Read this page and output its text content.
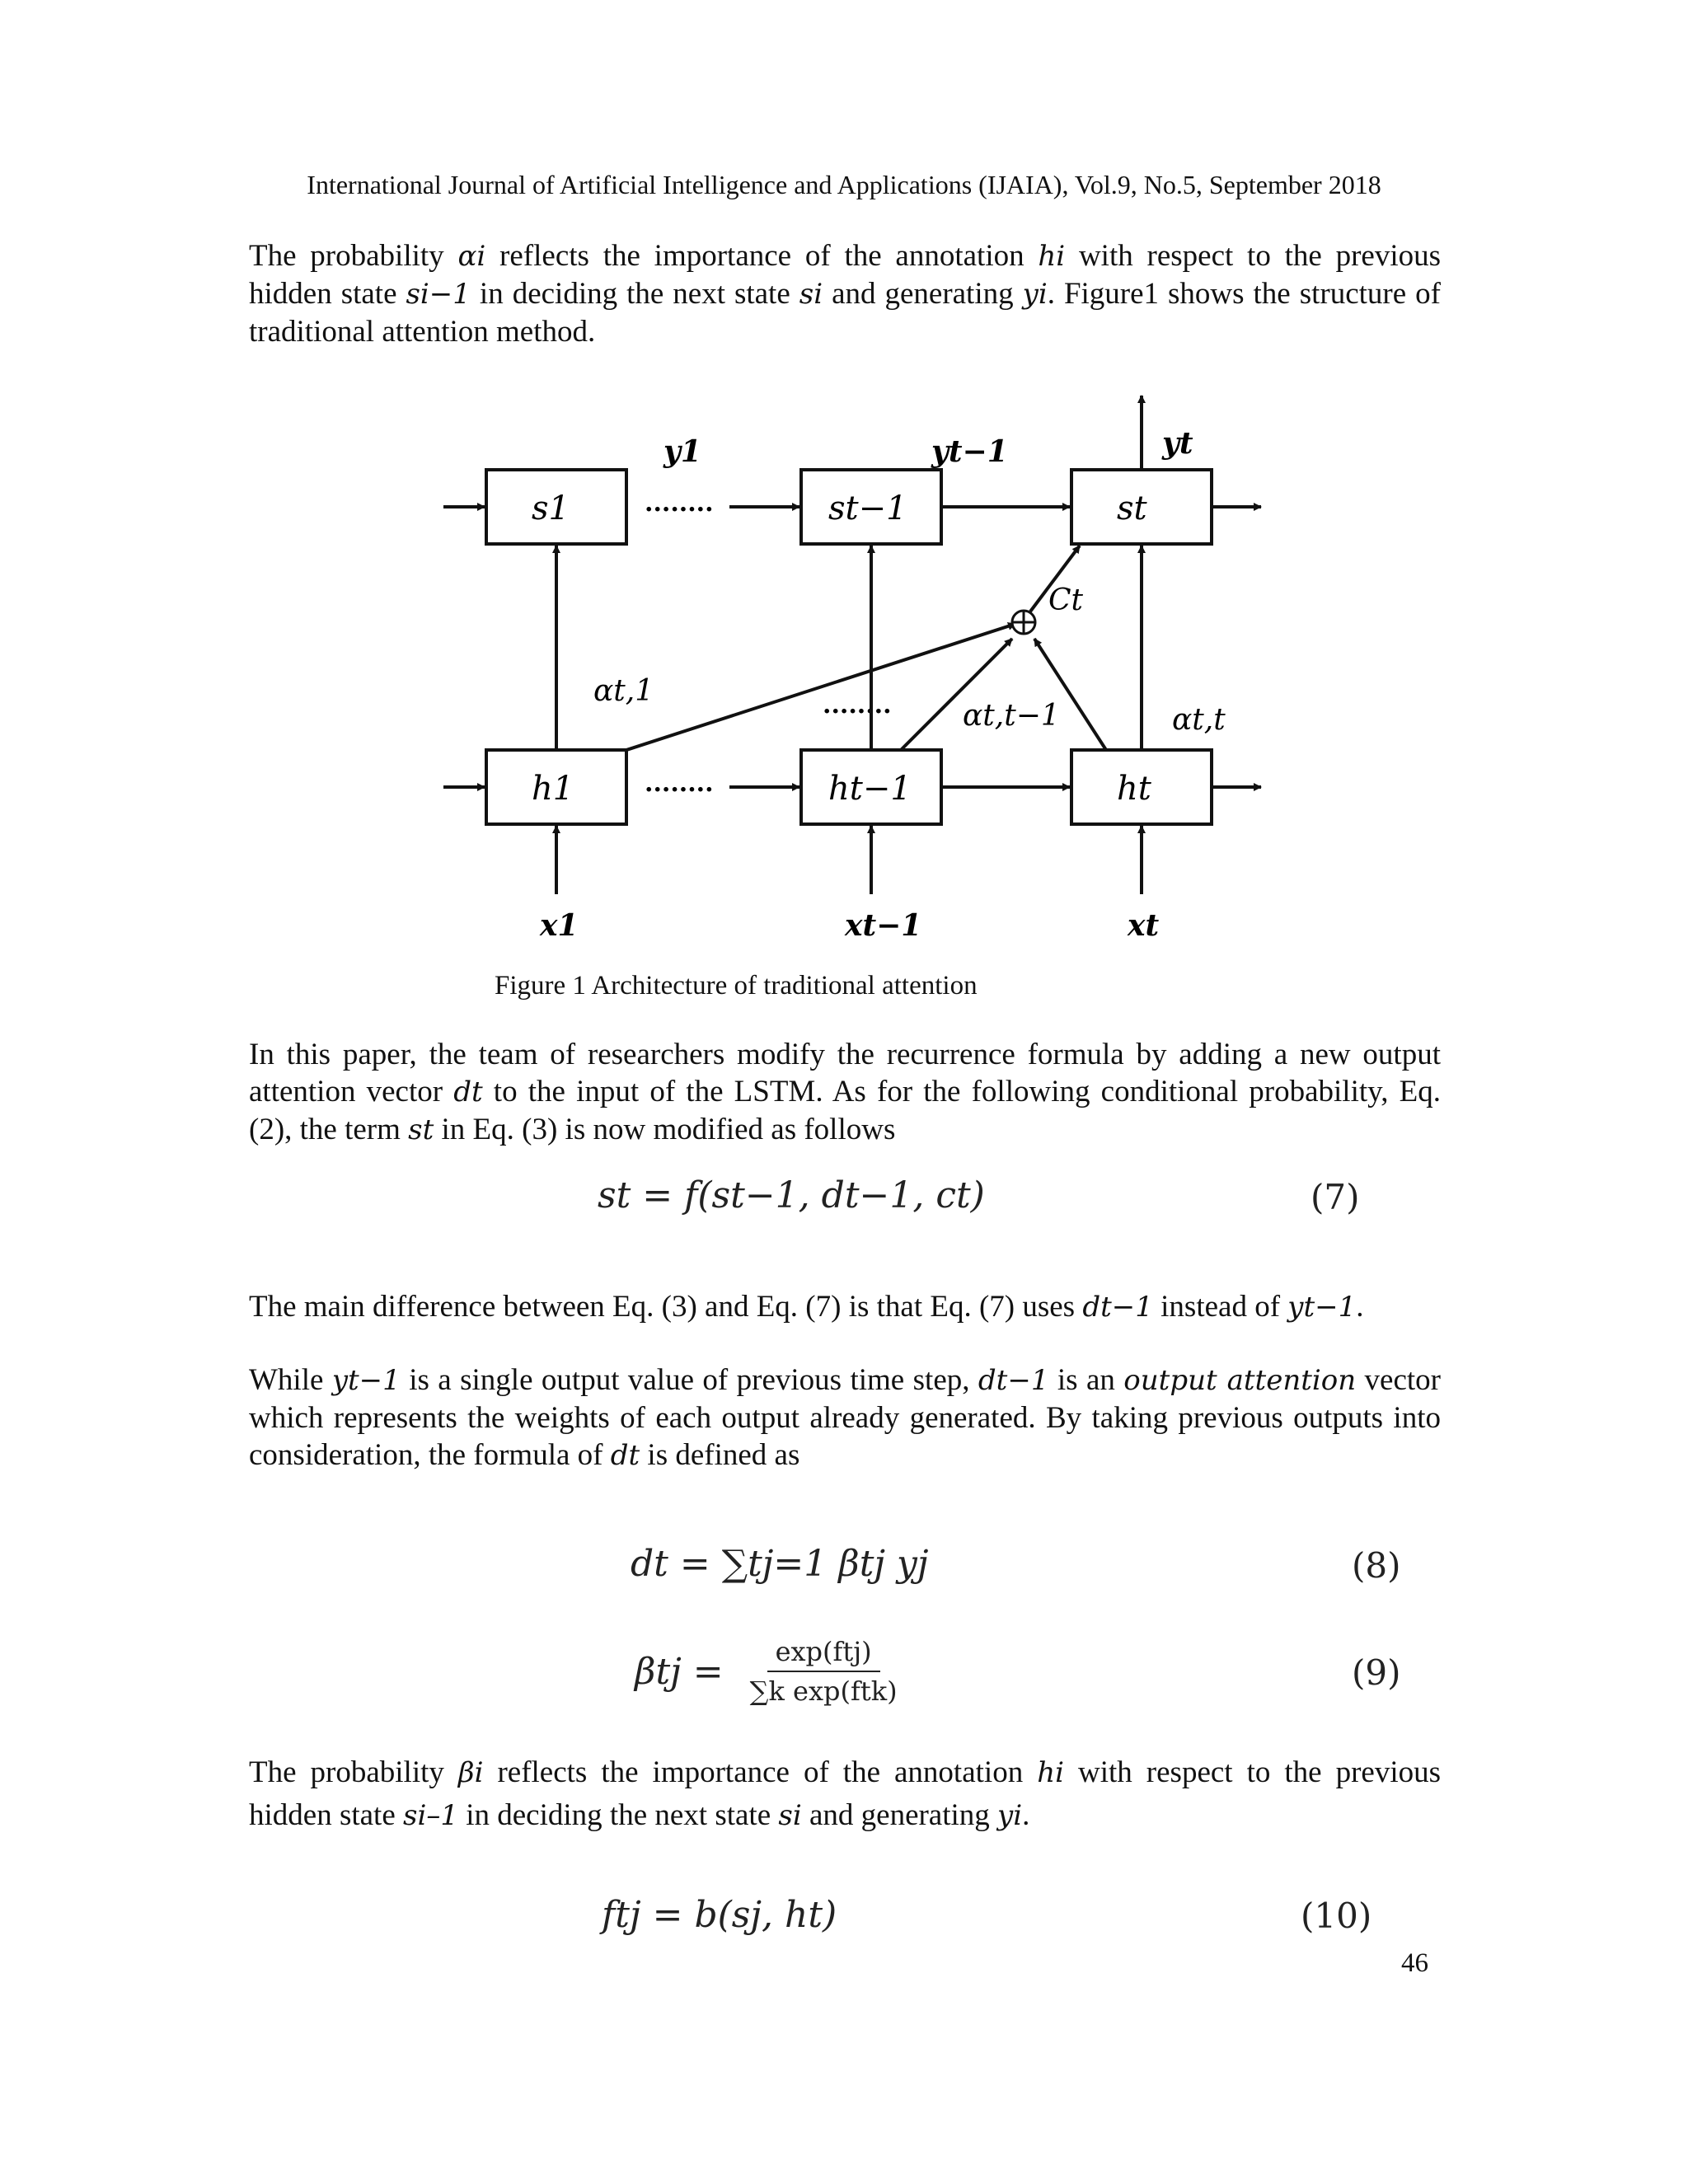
International Journal of Artificial Intelligence and Applications (IJAIA), Vol.9, No.5, September 2018
The probability αi reflects the importance of the annotation hi with respect to the previous hidden state si−1 in deciding the next state si and generating yi. Figure1 shows the structure of traditional attention method.
s1	st−1	st
h1	ht−1	ht
........
........
........
y1	yt−1	yt
Ct
αt,1
αt,t−1	αt,t
x1	xt−1	xt
Figure 1 Architecture of traditional attention
In this paper, the team of researchers modify the recurrence formula by adding a new output attention vector dt to the input of the LSTM. As for the following conditional probability, Eq. (2), the term st in Eq. (3) is now modified as follows
st = f(st−1, dt−1, ct)	(7)
The main difference between Eq. (3) and Eq. (7) is that Eq. (7) uses dt−1 instead of yt−1.
While yt−1 is a single output value of previous time step, dt−1 is an output attention vector which represents the weights of each output already generated. By taking previous outputs into consideration, the formula of dt is defined as
dt = ∑tj=1 βtj yj	(8)
$\beta tj = \frac{\text{exp(ftj)}}{\text{∑k exp(ftk)}}$	(9)
The probability βi reflects the importance of the annotation hi with respect to the previous hidden state si–1 in deciding the next state si and generating yi.
ftj = b(sj, ht)	(10)
46
